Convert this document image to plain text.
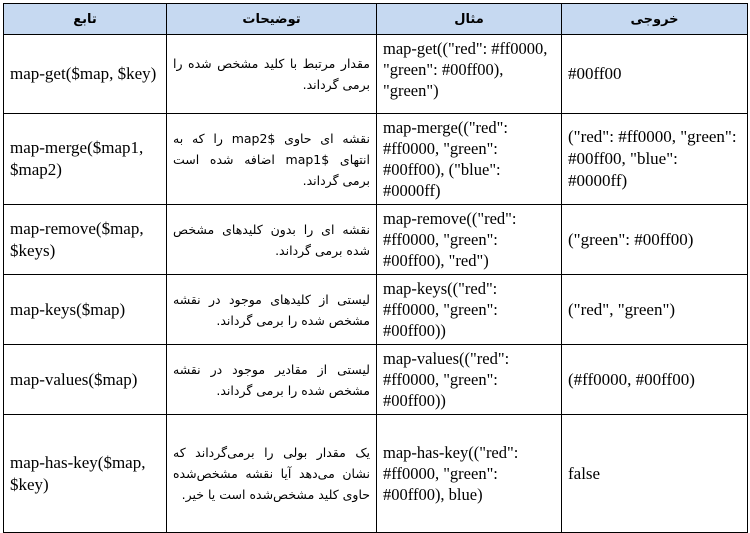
تابع	توضیحات	مثال	خروجی
map-get($map, $key)	مقدار مرتبط با کلید مشخص شده را برمی گرداند.	map-get(("red": #ff0000, "green": #00ff00), "green")	#00ff00
map-merge($map1, $map2)	نقشه ای حاوی $map2 را که به انتهای $map1 اضافه شده است برمی گرداند.	map-merge(("red": #ff0000, "green": #00ff00), ("blue": #0000ff)	("red": #ff0000, "green": #00ff00, "blue": #0000ff)
map-remove($map, $keys)	نقشه ای را بدون کلیدهای مشخص شده برمی گرداند.	map-remove(("red": #ff0000, "green": #00ff00), "red")	("green": #00ff00)
map-keys($map)	لیستی از کلیدهای موجود در نقشه مشخص شده را برمی گرداند.	map-keys(("red": #ff0000, "green": #00ff00))	("red", "green")
map-values($map)	لیستی از مقادیر موجود در نقشه مشخص شده را برمی گرداند.	map-values(("red": #ff0000, "green": #00ff00))	(#ff0000, #00ff00)
map-has-key($map, $key)	یک مقدار بولی را برمی‌گرداند که نشان می‌دهد آیا نقشه مشخص‌شده حاوی کلید مشخص‌شده است یا خیر.	map-has-key(("red": #ff0000, "green": #00ff00), blue)	false
